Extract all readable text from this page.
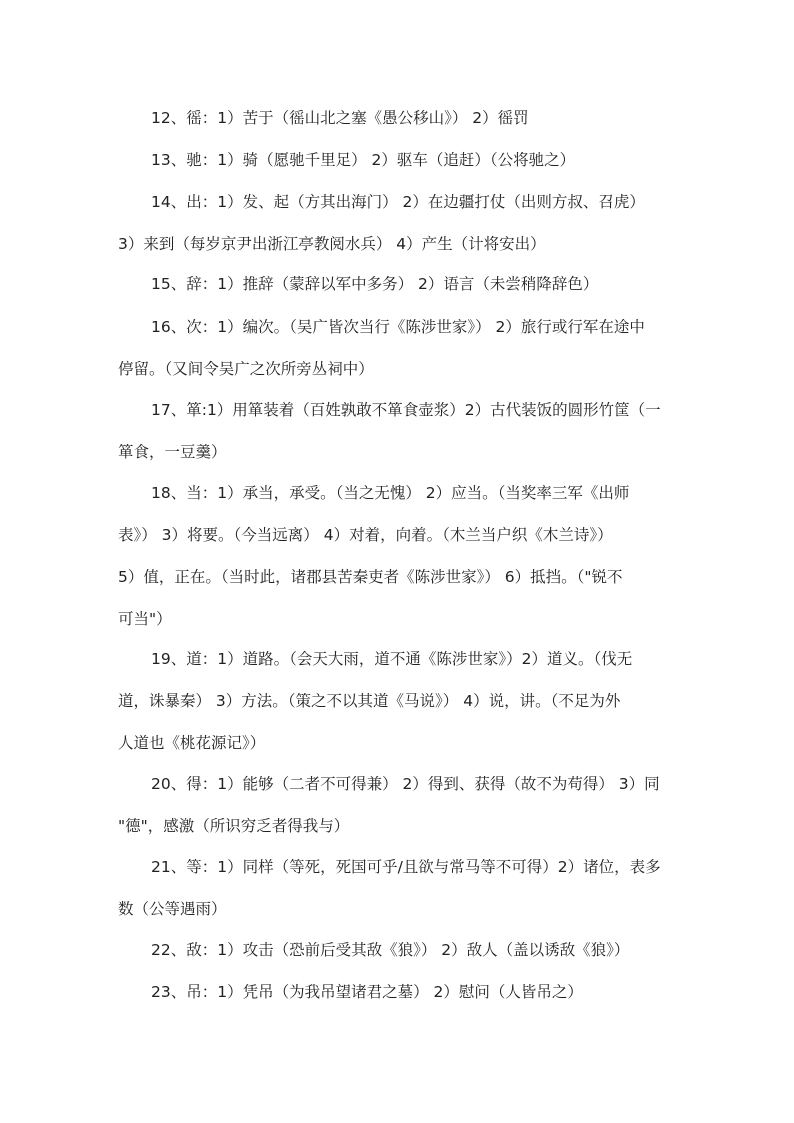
12、徭：1）苦于（徭山北之塞《愚公移山》） 2）徭罚
13、驰：1）骑（愿驰千里足） 2）驱车（追赶）（公将驰之）
14、出：1）发、起（方其出海门） 2）在边疆打仗（出则方叔、召虎）
3）来到（每岁京尹出浙江亭教阅水兵） 4）产生（计将安出）
15、辞：1）推辞（蒙辞以军中多务） 2）语言（未尝稍降辞色）
16、次：1）编次。（吴广皆次当行《陈涉世家》） 2）旅行或行军在途中
停留。（又间令吴广之次所旁丛祠中）
17、箪:1）用箪装着（百姓孰敢不箪食壶浆）2）古代装饭的圆形竹筐（一
箪食，一豆羹）
18、当：1）承当，承受。（当之无愧） 2）应当。（当奖率三军《出师
表》） 3）将要。（今当远离） 4）对着，向着。（木兰当户织《木兰诗》）
5）值，正在。（当时此，诸郡县苦秦吏者《陈涉世家》） 6）抵挡。（"锐不
可当"）
19、道：1）道路。（会天大雨，道不通《陈涉世家》）2）道义。（伐无
道，诛暴秦） 3）方法。（策之不以其道《马说》） 4）说，讲。（不足为外
人道也《桃花源记》）
20、得：1）能够（二者不可得兼） 2）得到、获得（故不为苟得） 3）同
"德"，感激（所识穷乏者得我与）
21、等：1）同样（等死，死国可乎/且欲与常马等不可得）2）诸位，表多
数（公等遇雨）
22、敌：1）攻击（恐前后受其敌《狼》） 2）敌人（盖以诱敌《狼》）
23、吊：1）凭吊（为我吊望诸君之墓） 2）慰问（人皆吊之）
